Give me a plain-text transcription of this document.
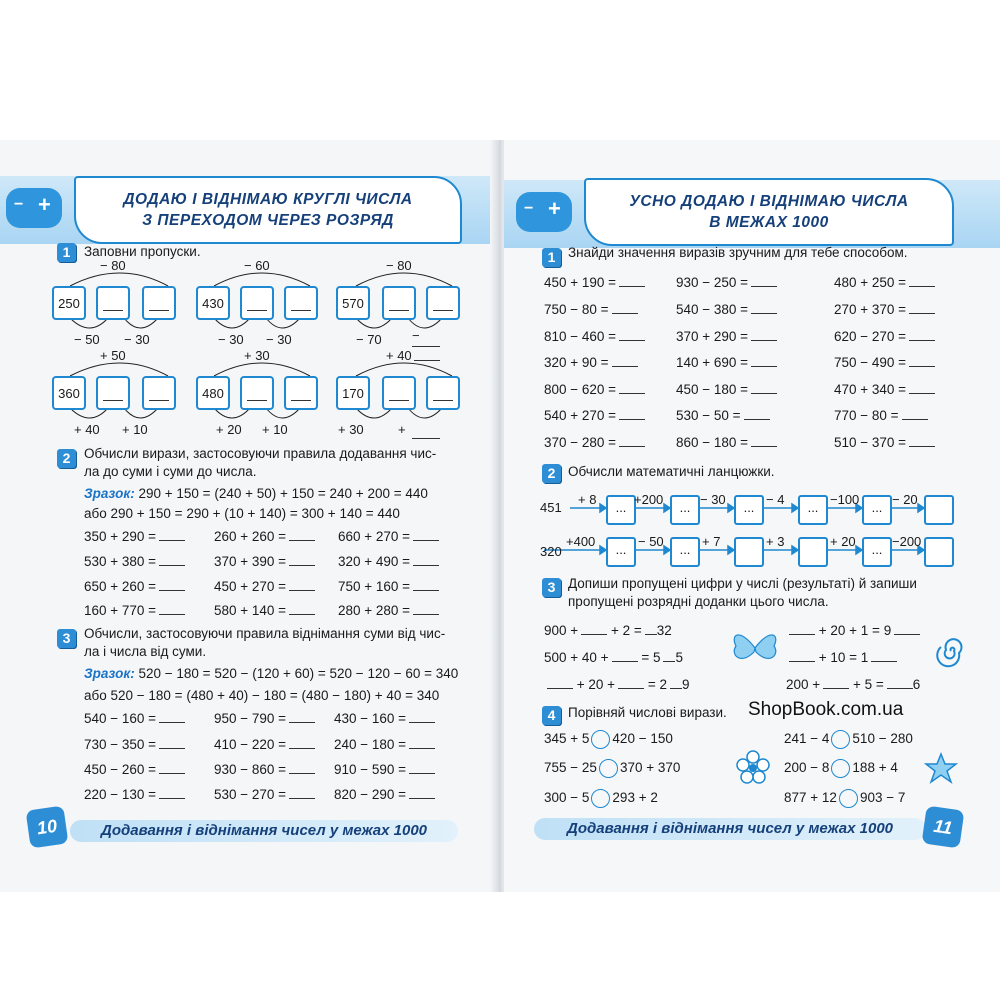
+
−	ДОДАЮ І ВІДНІМАЮ КРУГЛІ ЧИСЛА
З ПЕРЕХОДОМ ЧЕРЕЗ РОЗРЯД
1	Заповни пропуски.
250
− 80
− 50 − 30
430
− 60
− 30 − 30
570
− 80
− 70 −
360
+ 50
+ 40 + 10
480
+ 30
+ 20 + 10
170
+ 40
+ 30	+
2	Обчисли вирази, застосовуючи правила додавання чис-
ла до суми і суми до числа.
Зразок: 290 + 150 = (240 + 50) + 150 = 240 + 200 = 440
або 290 + 150 = 290 + (10 + 140) = 300 + 140 = 440
350 + 290 =	260 + 260 =	660 + 270 =
530 + 380 =	370 + 390 =	320 + 490 =
650 + 260 =	450 + 270 =	750 + 160 =
160 + 770 =	580 + 140 =	280 + 280 =
3	Обчисли, застосовуючи правила віднімання суми від чис-
ла і числа від суми.
Зразок: 520 − 180 = 520 − (120 + 60) = 520 − 120 − 60 = 340
або 520 − 180 = (480 + 40) − 180 = (480 − 180) + 40 = 340
540 − 160 =	950 − 790 =	430 − 160 =
730 − 350 =	410 − 220 =	240 − 180 =
450 − 260 =	930 − 860 =	910 − 590 =
220 − 130 =	530 − 270 =	820 − 290 =
10	Додавання і віднімання чисел у межах 1000
+
−	УСНО ДОДАЮ І ВІДНІМАЮ ЧИСЛА
В МЕЖАХ 1000
1 Знайди значення виразів зручним для тебе способом.
450 + 190 =	930 − 250 =	480 + 250 =
750 − 80 =	540 − 380 =	270 + 370 =
810 − 460 =	370 + 290 =	620 − 270 =
320 + 90 =	140 + 690 =	750 − 490 =
800 − 620 =	450 − 180 =	470 + 340 =
540 + 270 =	530 − 50 =	770 − 80 =
370 − 280 =	860 − 180 =	510 − 370 =
2 Обчисли математичні ланцюжки.
451
+ 8
...
+200
...
− 30
...
− 4
...
−100
...
− 20
320
+400
...
− 50
...
+ 7	+ 3	+ 20
...
−200
3 Допиши пропущені цифри у числі (результаті) й запиши
пропущені розрядні доданки цього числа.
900 + + 2 = 32
500 + 40 + = 5 5
+ 20 + = 2 9
+ 20 + 1 = 9
+ 10 = 1
200 + + 5 = 6
4 Порівняй числові вирази. ShopBook.com.ua
345 + 5 420 − 150	241 − 4 510 − 280
755 − 25 370 + 370	200 − 8 188 + 4
300 − 5 293 + 2	877 + 12 903 − 7
Додавання і віднімання чисел у межах 1000	11
